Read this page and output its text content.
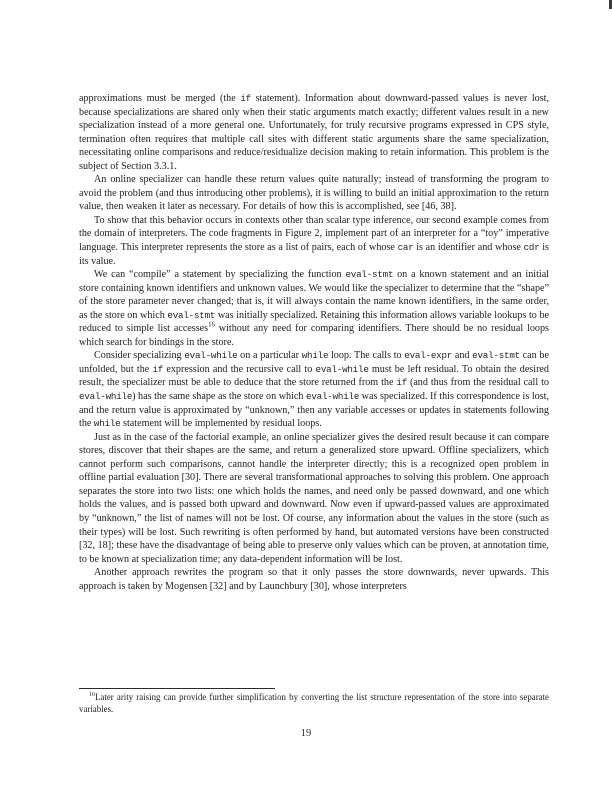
approximations must be merged (the if statement). Information about downward-passed values is never lost, because specializations are shared only when their static arguments match exactly; different values result in a new specialization instead of a more general one. Unfortunately, for truly recursive programs expressed in CPS style, termination often requires that multiple call sites with different static arguments share the same specialization, necessitating online comparisons and reduce/residualize decision making to retain information. This problem is the subject of Section 3.3.1.

An online specializer can handle these return values quite naturally; instead of transforming the program to avoid the problem (and thus introducing other problems), it is willing to build an initial approximation to the return value, then weaken it later as necessary. For details of how this is accomplished, see [46, 38].

To show that this behavior occurs in contexts other than scalar type inference, our second example comes from the domain of interpreters. The code fragments in Figure 2, implement part of an interpreter for a “toy” imperative language. This interpreter represents the store as a list of pairs, each of whose car is an identifier and whose cdr is its value.

We can “compile” a statement by specializing the function eval-stmt on a known statement and an initial store containing known identifiers and unknown values. We would like the specializer to determine that the “shape” of the store parameter never changed; that is, it will always contain the name known identifiers, in the same order, as the store on which eval-stmt was initially specialized. Retaining this information allows variable lookups to be reduced to simple list accesses$^{16}$ without any need for comparing identifiers. There should be no residual loops which search for bindings in the store.

Consider specializing eval-while on a particular while loop. The calls to eval-expr and eval-stmt can be unfolded, but the if expression and the recursive call to eval-while must be left residual. To obtain the desired result, the specializer must be able to deduce that the store returned from the if (and thus from the residual call to eval-while) has the same shape as the store on which eval-while was specialized. If this correspondence is lost, and the return value is approximated by “unknown,” then any variable accesses or updates in statements following the while statement will be implemented by residual loops.

Just as in the case of the factorial example, an online specializer gives the desired result because it can compare stores, discover that their shapes are the same, and return a generalized store upward. Offline specializers, which cannot perform such comparisons, cannot handle the interpreter directly; this is a recognized open problem in offline partial evaluation [30]. There are several transformational approaches to solving this problem. One approach separates the store into two lists: one which holds the names, and need only be passed downward, and one which holds the values, and is passed both upward and downward. Now even if upward-passed values are approximated by “unknown,” the list of names will not be lost. Of course, any information about the values in the store (such as their types) will be lost. Such rewriting is often performed by hand, but automated versions have been constructed [32, 18]; these have the disadvantage of being able to preserve only values which can be proven, at annotation time, to be known at specialization time; any data-dependent information will be lost.

Another approach rewrites the program so that it only passes the store downwards, never upwards. This approach is taken by Mogensen [32] and by Launchbury [30], whose interpreters

$^{16}$Later arity raising can provide further simplification by converting the list structure representation of the store into separate variables.
19
